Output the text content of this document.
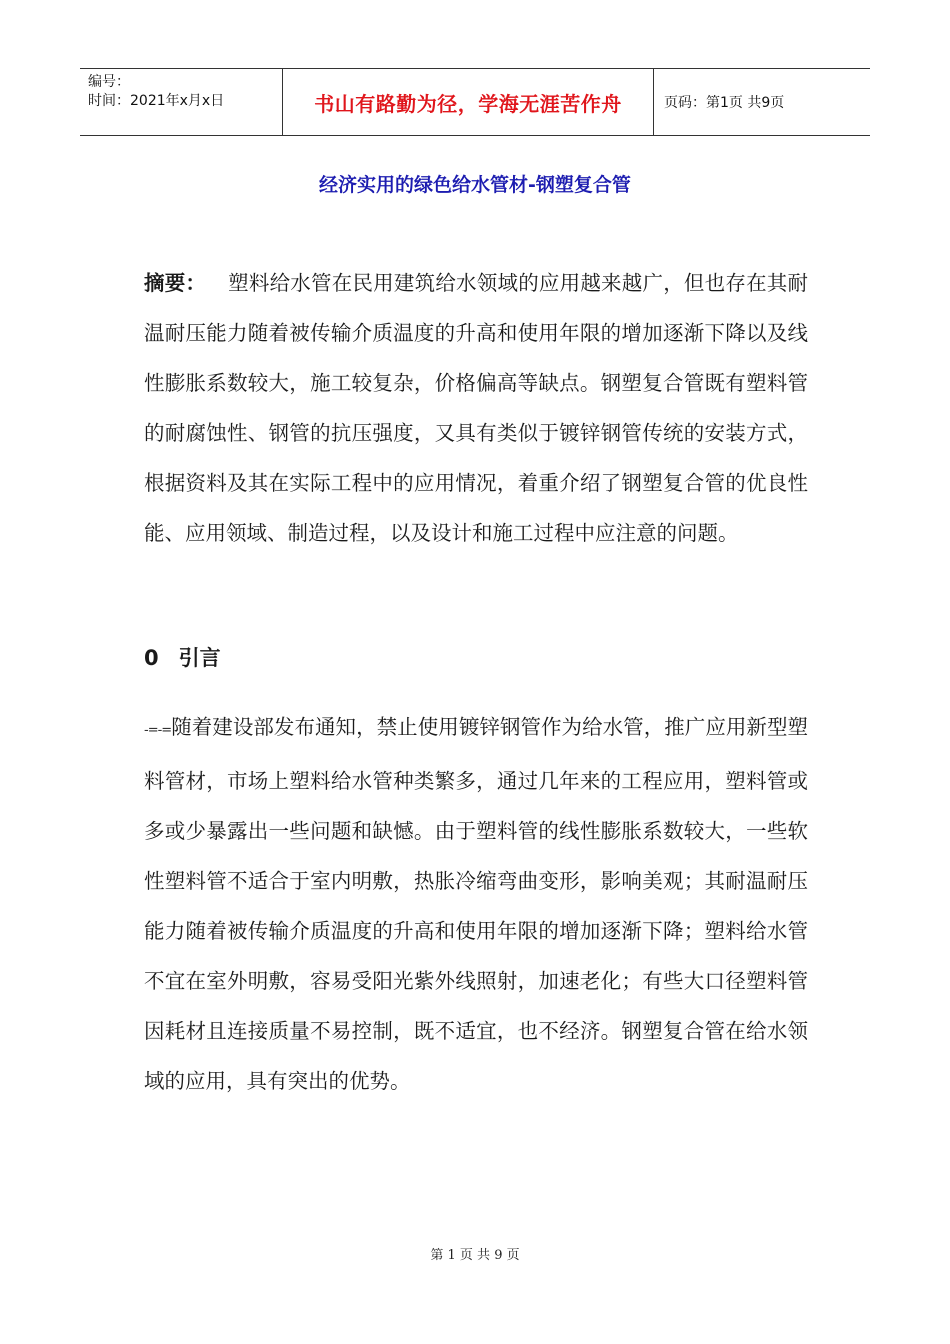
编号：
时间：2021年x月x日	书山有路勤为径，学海无涯苦作舟	页码：第1页 共9页
经济实用的绿色给水管材-钢塑复合管

摘要： 塑料给水管在民用建筑给水领域的应用越来越广，但也存在其耐温耐压能力随着被传输介质温度的升高和使用年限的增加逐渐下降以及线性膨胀系数较大，施工较复杂，价格偏高等缺点。钢塑复合管既有塑料管的耐腐蚀性、钢管的抗压强度，又具有类似于镀锌钢管传统的安装方式，根据资料及其在实际工程中的应用情况，着重介绍了钢塑复合管的优良性能、应用领域、制造过程，以及设计和施工过程中应注意的问题。

0 引言

-=-=随着建设部发布通知，禁止使用镀锌钢管作为给水管，推广应用新型塑料管材，市场上塑料给水管种类繁多，通过几年来的工程应用，塑料管或多或少暴露出一些问题和缺憾。由于塑料管的线性膨胀系数较大，一些软性塑料管不适合于室内明敷，热胀冷缩弯曲变形，影响美观；其耐温耐压能力随着被传输介质温度的升高和使用年限的增加逐渐下降；塑料给水管不宜在室外明敷，容易受阳光紫外线照射，加速老化；有些大口径塑料管因耗材且连接质量不易控制，既不适宜，也不经济。钢塑复合管在给水领域的应用，具有突出的优势。

第 1 页 共 9 页
